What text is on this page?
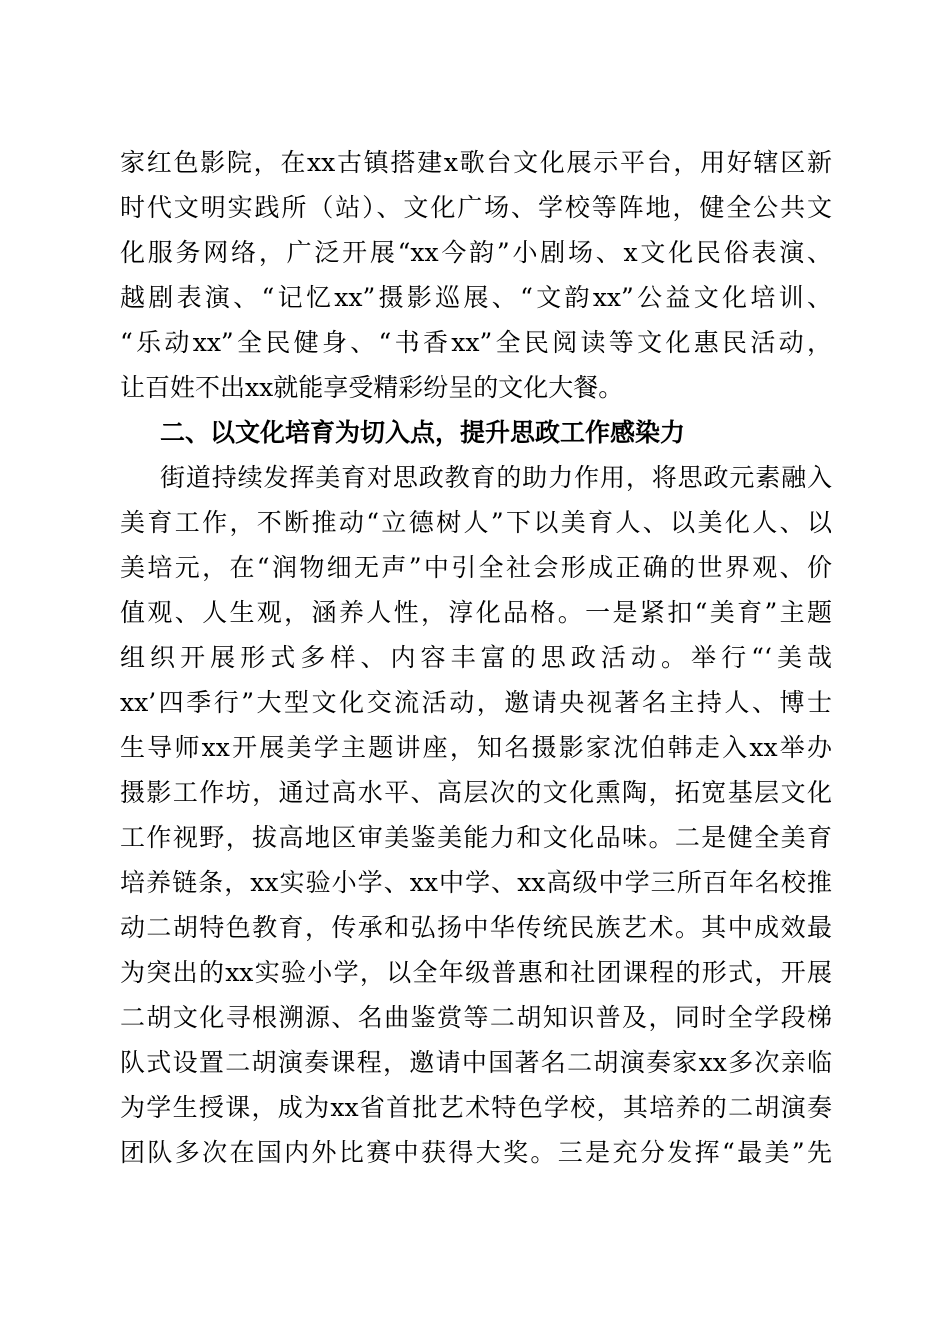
家红色影院，在xx古镇搭建x歌台文化展示平台，用好辖区新
时代文明实践所（站）、文化广场、学校等阵地，健全公共文
化服务网络，广泛开展“xx今韵”小剧场、x文化民俗表演、
越剧表演、“记忆xx”摄影巡展、“文韵xx”公益文化培训、
“乐动xx”全民健身、“书香xx”全民阅读等文化惠民活动，
让百姓不出xx就能享受精彩纷呈的文化大餐。
二、以文化培育为切入点，提升思政工作感染力
街道持续发挥美育对思政教育的助力作用，将思政元素融入
美育工作，不断推动“立德树人”下以美育人、以美化人、以
美培元，在“润物细无声”中引全社会形成正确的世界观、价
值观、人生观，涵养人性，淳化品格。一是紧扣“美育”主题
组织开展形式多样、内容丰富的思政活动。举行“‘美哉
xx’四季行”大型文化交流活动，邀请央视著名主持人、博士
生导师xx开展美学主题讲座，知名摄影家沈伯韩走入xx举办
摄影工作坊，通过高水平、高层次的文化熏陶，拓宽基层文化
工作视野，拔高地区审美鉴美能力和文化品味。二是健全美育
培养链条，xx实验小学、xx中学、xx高级中学三所百年名校推
动二胡特色教育，传承和弘扬中华传统民族艺术。其中成效最
为突出的xx实验小学，以全年级普惠和社团课程的形式，开展
二胡文化寻根溯源、名曲鉴赏等二胡知识普及，同时全学段梯
队式设置二胡演奏课程，邀请中国著名二胡演奏家xx多次亲临
为学生授课，成为xx省首批艺术特色学校，其培养的二胡演奏
团队多次在国内外比赛中获得大奖。三是充分发挥“最美”先
